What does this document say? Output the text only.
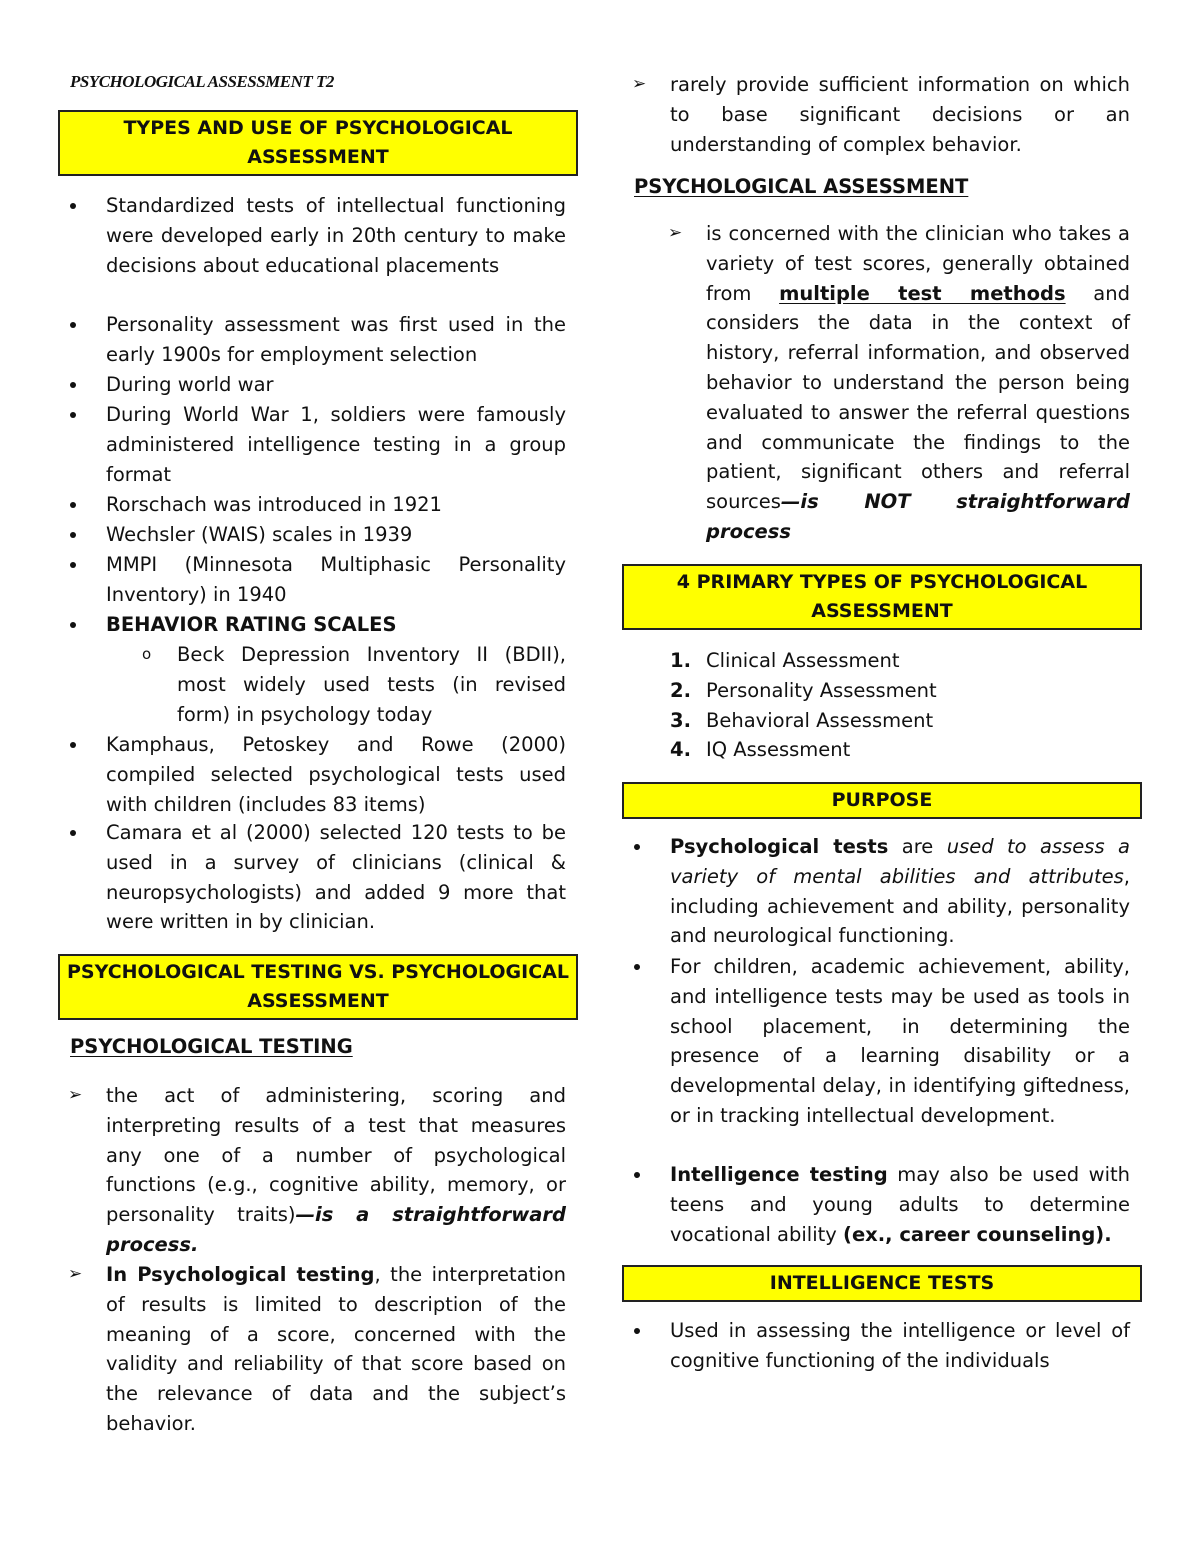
PSYCHOLOGICAL ASSESSMENT T2
TYPES AND USE OF PSYCHOLOGICAL
ASSESSMENT
Standardized tests of intellectual functioning were developed early in 20th century to make decisions about educational placements
Personality assessment was first used in the early 1900s for employment selection
During world war
During World War 1, soldiers were famously administered intelligence testing in a group format
Rorschach was introduced in 1921
Wechsler (WAIS) scales in 1939
MMPI (Minnesota Multiphasic Personality Inventory) in 1940
BEHAVIOR RATING SCALES
o Beck Depression Inventory II (BDII), most widely used tests (in revised form) in psychology today
Kamphaus, Petoskey and Rowe (2000) compiled selected psychological tests used with children (includes 83 items)
Camara et al (2000) selected 120 tests to be used in a survey of clinicians (clinical & neuropsychologists) and added 9 more that were written in by clinician.
PSYCHOLOGICAL TESTING VS. PSYCHOLOGICAL
ASSESSMENT
PSYCHOLOGICAL TESTING
➢ the act of administering, scoring and interpreting results of a test that measures any one of a number of psychological functions (e.g., cognitive ability, memory, or personality traits)—is a straightforward process.
➢ In Psychological testing, the interpretation of results is limited to description of the meaning of a score, concerned with the validity and reliability of that score based on the relevance of data and the subject’s behavior.
➢ rarely provide sufficient information on which to base significant decisions or an understanding of complex behavior.
PSYCHOLOGICAL ASSESSMENT
➢ is concerned with the clinician who takes a variety of test scores, generally obtained from multiple test methods and considers the data in the context of history, referral information, and observed behavior to understand the person being evaluated to answer the referral questions and communicate the findings to the patient, significant others and referral sources—is NOT straightforward process
4 PRIMARY TYPES OF PSYCHOLOGICAL
ASSESSMENT
1. Clinical Assessment
2. Personality Assessment
3. Behavioral Assessment
4. IQ Assessment
PURPOSE
Psychological tests are used to assess a variety of mental abilities and attributes, including achievement and ability, personality and neurological functioning.
For children, academic achievement, ability, and intelligence tests may be used as tools in school placement, in determining the presence of a learning disability or a developmental delay, in identifying giftedness, or in tracking intellectual development.
Intelligence testing may also be used with teens and young adults to determine vocational ability (ex., career counseling).
INTELLIGENCE TESTS
Used in assessing the intelligence or level of cognitive functioning of the individuals
